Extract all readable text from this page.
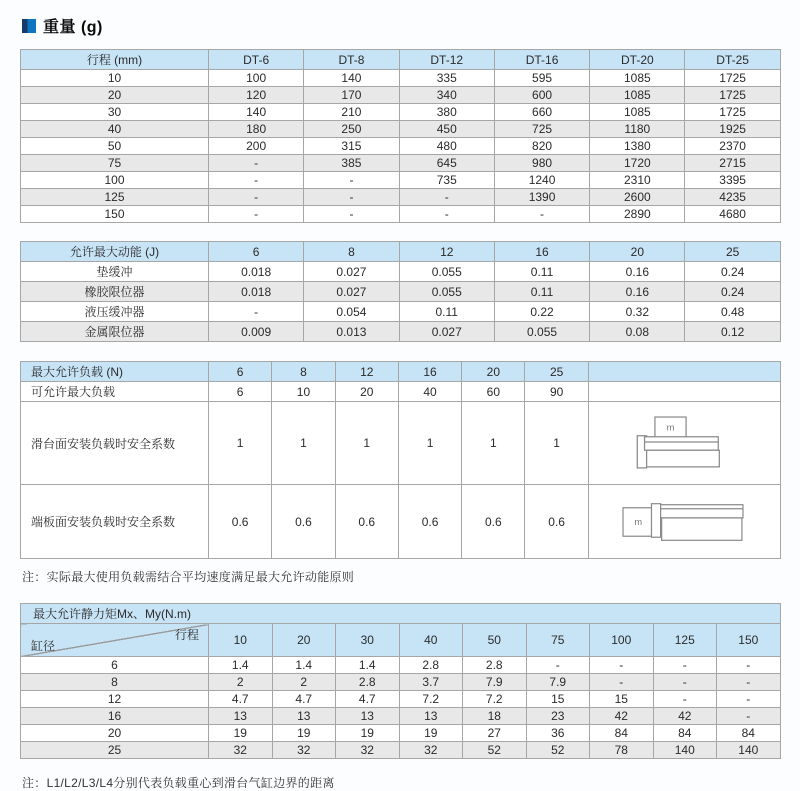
重量 (g)
行程 (mm)	DT-6	DT-8	DT-12	DT-16	DT-20	DT-25
10	100	140	335	595	1085	1725
20	120	170	340	600	1085	1725
30	140	210	380	660	1085	1725
40	180	250	450	725	1180	1925
50	200	315	480	820	1380	2370
75	-	385	645	980	1720	2715
100	-	-	735	1240	2310	3395
125	-	-	-	1390	2600	4235
150	-	-	-	-	2890	4680
允许最大动能 (J)	6	8	12	16	20	25
垫缓冲	0.018	0.027	0.055	0.11	0.16	0.24
橡胶限位器	0.018	0.027	0.055	0.11	0.16	0.24
液压缓冲器	-	0.054	0.11	0.22	0.32	0.48
金属限位器	0.009	0.013	0.027	0.055	0.08	0.12
最大允许负载 (N)	6	8	12	16	20	25	
可允许最大负载	6	10	20	40	60	90	
滑台面安装负载时安全系数	1	1	1	1	1	1	m

端板面安装负载时安全系数	0.6	0.6	0.6	0.6	0.6	0.6	m
注：实际最大使用负载需结合平均速度满足最大允许动能原则
最大允许静力矩Mx、My(N.m)									

行程
缸径	10	20	30	40	50	75	100	125	150
6	1.4	1.4	1.4	2.8	2.8	-	-	-	-
8	2	2	2.8	3.7	7.9	7.9	-	-	-
12	4.7	4.7	4.7	7.2	7.2	15	15	-	-
16	13	13	13	13	18	23	42	42	-
20	19	19	19	19	27	36	84	84	84
25	32	32	32	32	52	52	78	140	140
注：L1/L2/L3/L4分别代表负载重心到滑台气缸边界的距离
